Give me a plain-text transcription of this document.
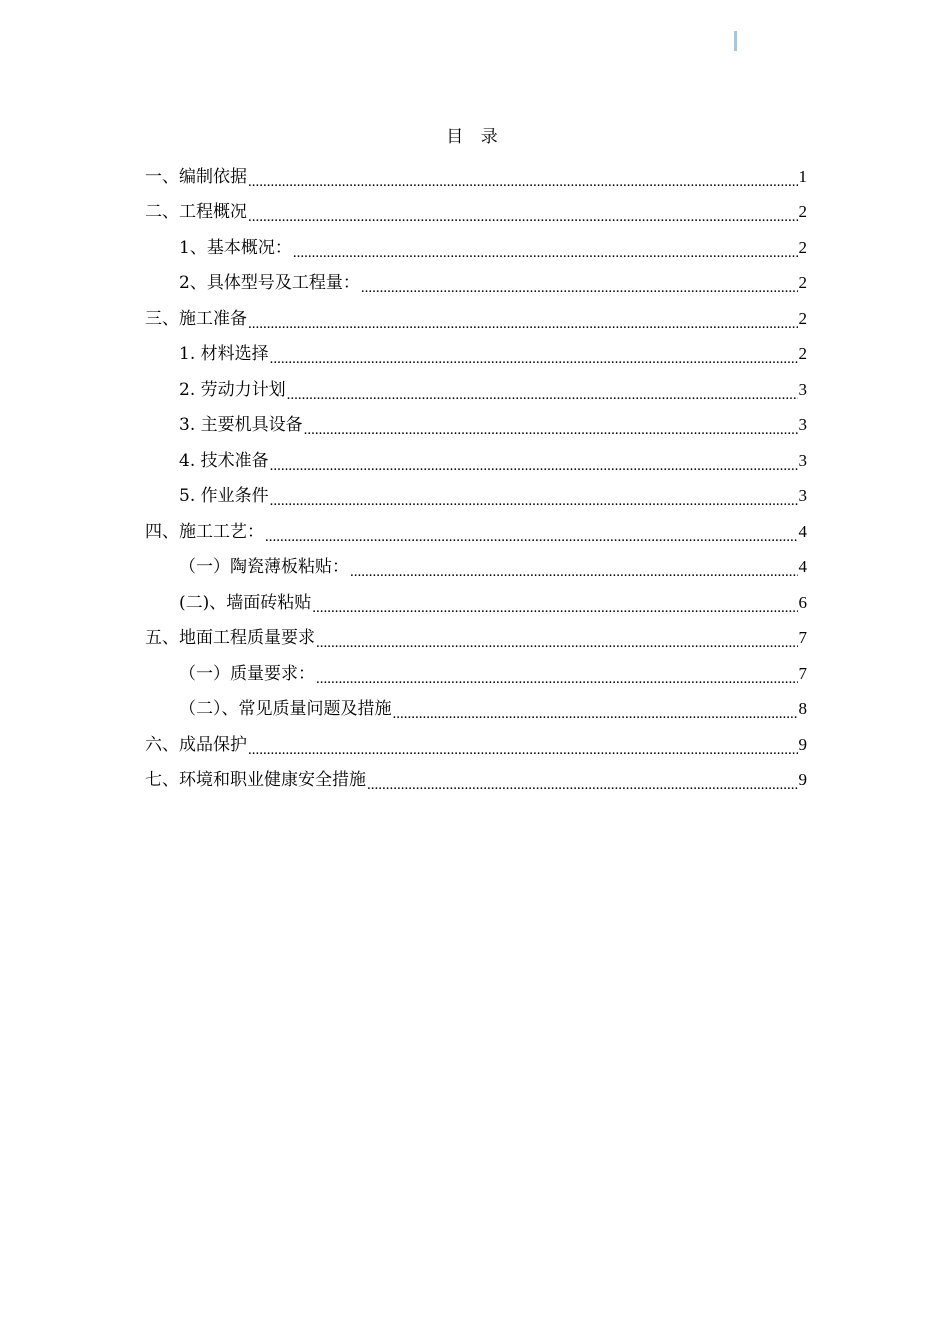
目 录
一、编制依据 .....	1
二、工程概况 .....	2
1、基本概况： .....	2
2、具体型号及工程量： .....	2
三、施工准备 .....	2
1. 材料选择 .....	2
2. 劳动力计划 .....	3
3. 主要机具设备 .....	3
4. 技术准备 .....	3
5. 作业条件 .....	3
四、施工工艺： .....	4
（一）陶瓷薄板粘贴： .....	4
(二)、墙面砖粘贴 .....	6
五、地面工程质量要求 .....	7
（一）质量要求： .....	7
（二）、常见质量问题及措施 .....	8
六、成品保护 .....	9
七、环境和职业健康安全措施 .....	9
